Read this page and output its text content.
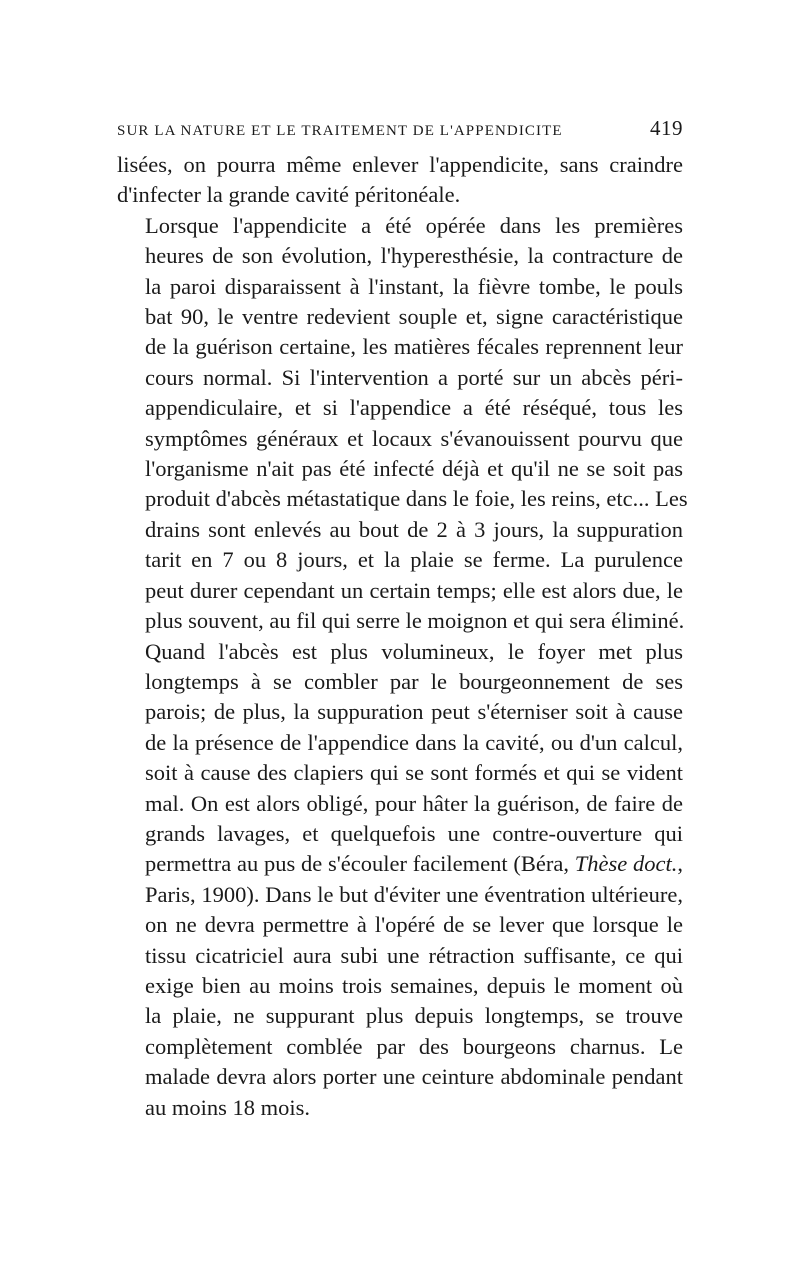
SUR LA NATURE ET LE TRAITEMENT DE L'APPENDICITE	419

lisées, on pourra même enlever l'appendicite, sans craindre
d'infecter la grande cavité péritonéale.

Lorsque l'appendicite a été opérée dans les premières
heures de son évolution, l'hyperesthésie, la contracture de
la paroi disparaissent à l'instant, la fièvre tombe, le pouls
bat 90, le ventre redevient souple et, signe caractéristique
de la guérison certaine, les matières fécales reprennent leur
cours normal. Si l'intervention a porté sur un abcès péri-
appendiculaire, et si l'appendice a été réséqué, tous les
symptômes généraux et locaux s'évanouissent pourvu que
l'organisme n'ait pas été infecté déjà et qu'il ne se soit pas
produit d'abcès métastatique dans le foie, les reins, etc... Les
drains sont enlevés au bout de 2 à 3 jours, la suppuration
tarit en 7 ou 8 jours, et la plaie se ferme. La purulence
peut durer cependant un certain temps; elle est alors due, le
plus souvent, au fil qui serre le moignon et qui sera éliminé.

Quand l'abcès est plus volumineux, le foyer met plus
longtemps à se combler par le bourgeonnement de ses
parois; de plus, la suppuration peut s'éterniser soit à cause
de la présence de l'appendice dans la cavité, ou d'un calcul,
soit à cause des clapiers qui se sont formés et qui se vident
mal. On est alors obligé, pour hâter la guérison, de faire de
grands lavages, et quelquefois une contre-ouverture qui
permettra au pus de s'écouler facilement (Béra, Thèse doct.,
Paris, 1900). Dans le but d'éviter une éventration ultérieure,
on ne devra permettre à l'opéré de se lever que lorsque le
tissu cicatriciel aura subi une rétraction suffisante, ce qui
exige bien au moins trois semaines, depuis le moment où
la plaie, ne suppurant plus depuis longtemps, se trouve
complètement comblée par des bourgeons charnus. Le
malade devra alors porter une ceinture abdominale pendant
au moins 18 mois.
